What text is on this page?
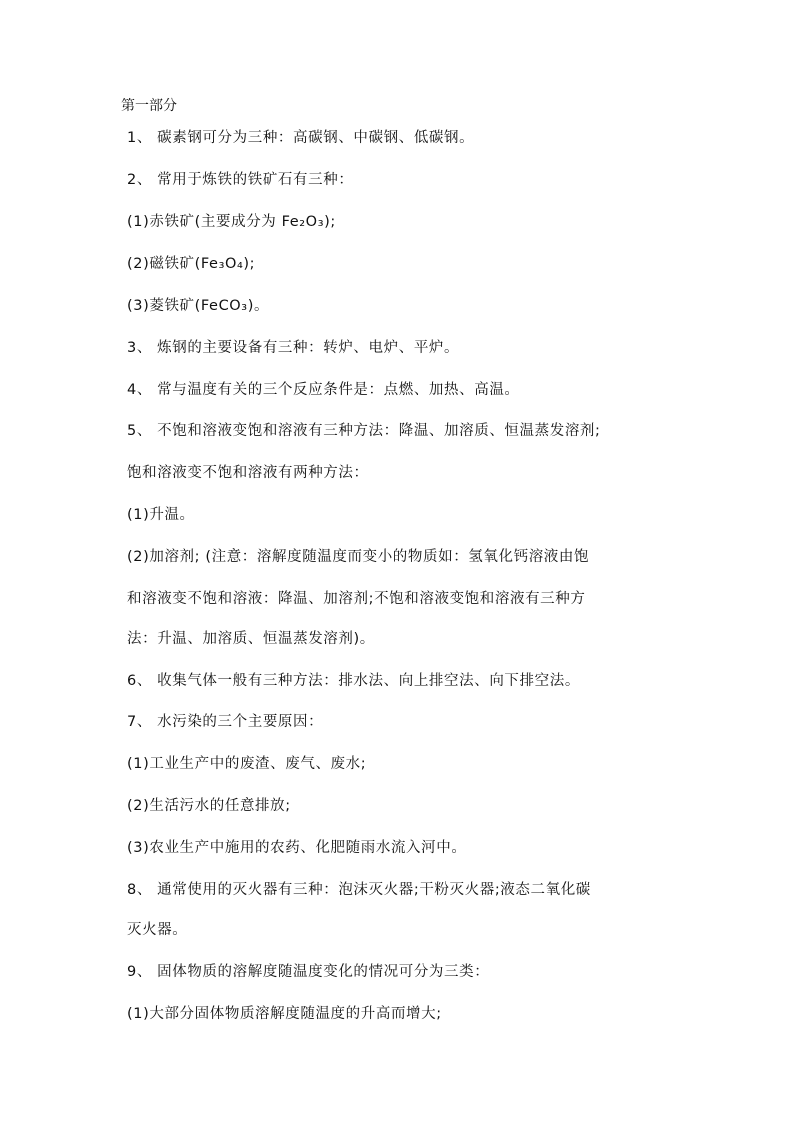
第一部分
1、 碳素钢可分为三种：高碳钢、中碳钢、低碳钢。
2、 常用于炼铁的铁矿石有三种：
(1)赤铁矿(主要成分为 Fe₂O₃);
(2)磁铁矿(Fe₃O₄);
(3)菱铁矿(FeCO₃)。
3、 炼钢的主要设备有三种：转炉、电炉、平炉。
4、 常与温度有关的三个反应条件是：点燃、加热、高温。
5、 不饱和溶液变饱和溶液有三种方法：降温、加溶质、恒温蒸发溶剂;
饱和溶液变不饱和溶液有两种方法：
(1)升温。
(2)加溶剂; (注意：溶解度随温度而变小的物质如：氢氧化钙溶液由饱
和溶液变不饱和溶液：降温、加溶剂;不饱和溶液变饱和溶液有三种方
法：升温、加溶质、恒温蒸发溶剂)。
6、 收集气体一般有三种方法：排水法、向上排空法、向下排空法。
7、 水污染的三个主要原因：
(1)工业生产中的废渣、废气、废水;
(2)生活污水的任意排放;
(3)农业生产中施用的农药、化肥随雨水流入河中。
8、 通常使用的灭火器有三种：泡沫灭火器;干粉灭火器;液态二氧化碳
灭火器。
9、 固体物质的溶解度随温度变化的情况可分为三类：
(1)大部分固体物质溶解度随温度的升高而增大;
